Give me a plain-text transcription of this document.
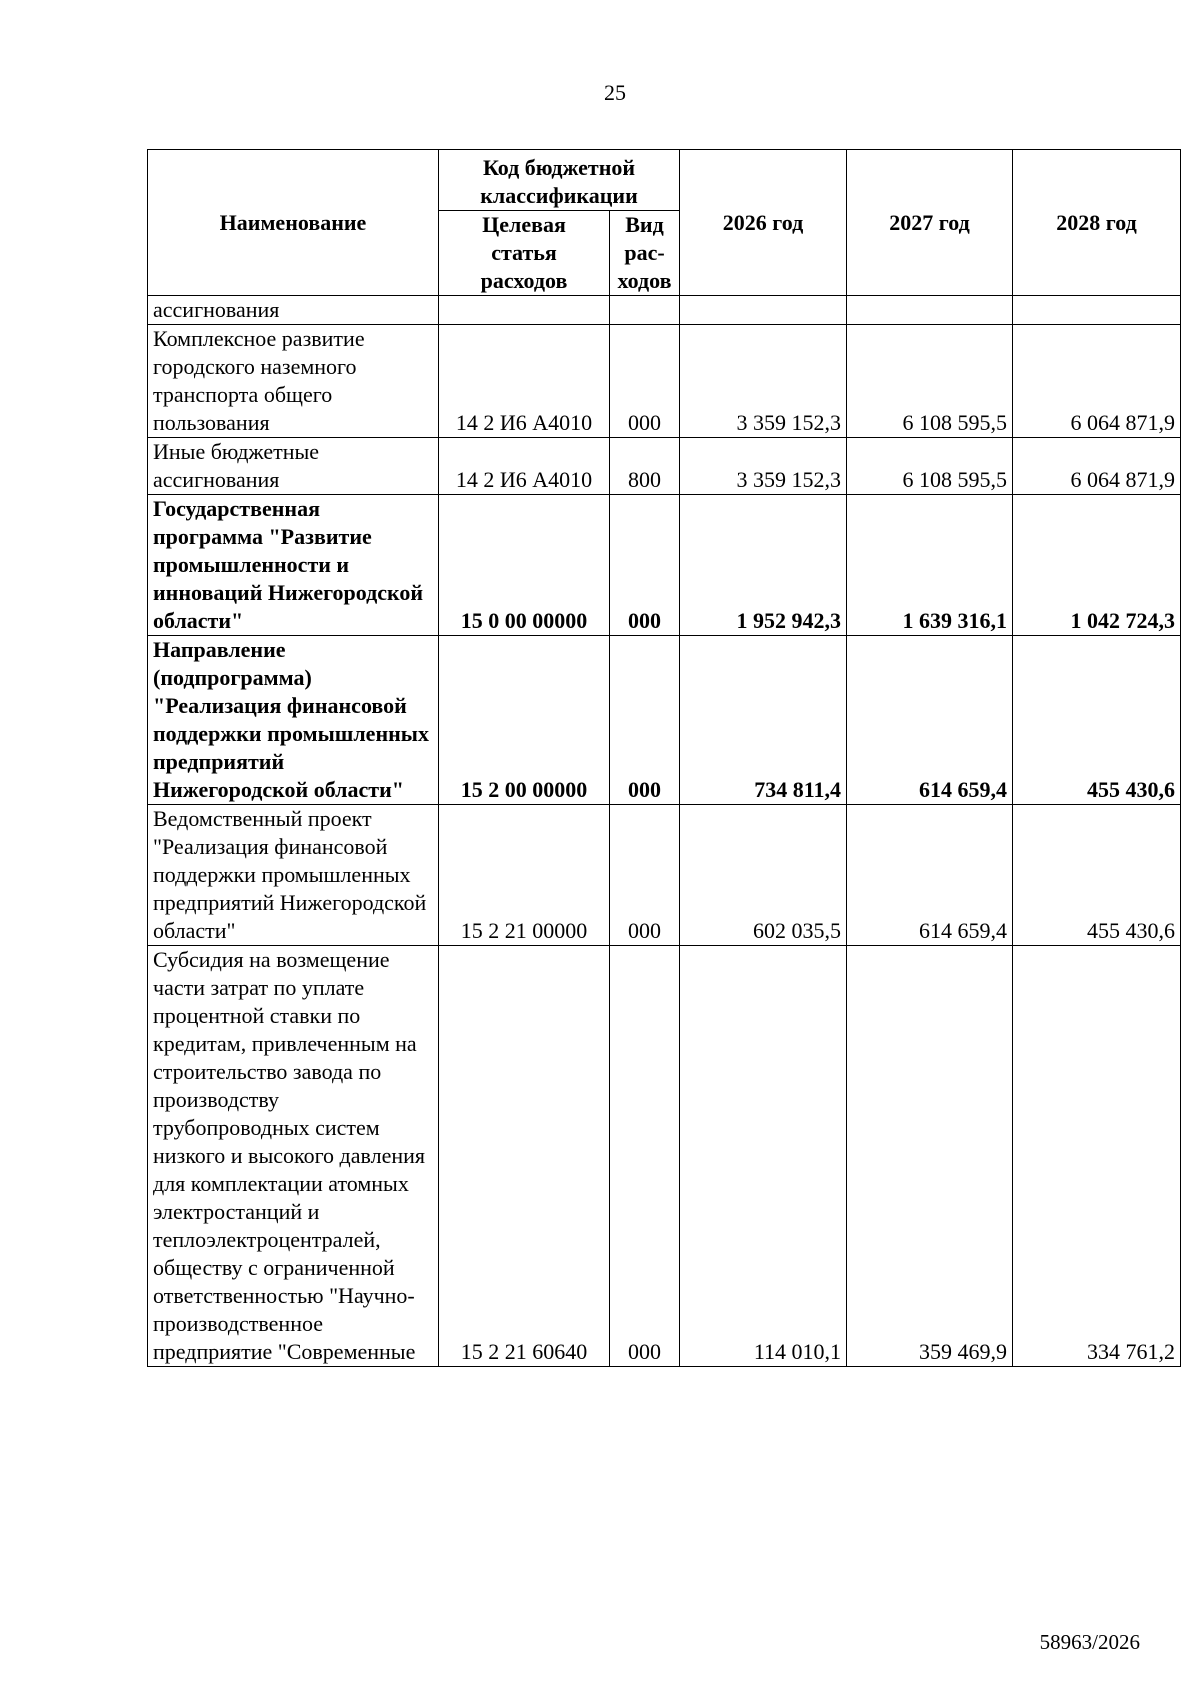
25
Наименование	Код бюджетной классификации		2026 год	2027 год	2028 год
	Целевая статья расходов	Вид рас-ходов			
ассигнования					
Комплексное развитие городского наземного транспорта общего пользования	14 2 И6 А4010	000	3 359 152,3	6 108 595,5	6 064 871,9
Иные бюджетные ассигнования	14 2 И6 А4010	800	3 359 152,3	6 108 595,5	6 064 871,9
Государственная программа "Развитие промышленности и инноваций Нижегородской области"	15 0 00 00000	000	1 952 942,3	1 639 316,1	1 042 724,3
Направление (подпрограмма) "Реализация финансовой поддержки промышленных предприятий Нижегородской области"	15 2 00 00000	000	734 811,4	614 659,4	455 430,6
Ведомственный проект "Реализация финансовой поддержки промышленных предприятий Нижегородской области"	15 2 21 00000	000	602 035,5	614 659,4	455 430,6
Субсидия на возмещение части затрат по уплате процентной ставки по кредитам, привлеченным на строительство завода по производству трубопроводных систем низкого и высокого давления для комплектации атомных электростанций и теплоэлектроцентралей, обществу с ограниченной ответственностью "Научно-производственное предприятие "Современные	15 2 21 60640	000	114 010,1	359 469,9	334 761,2
58963/2026
